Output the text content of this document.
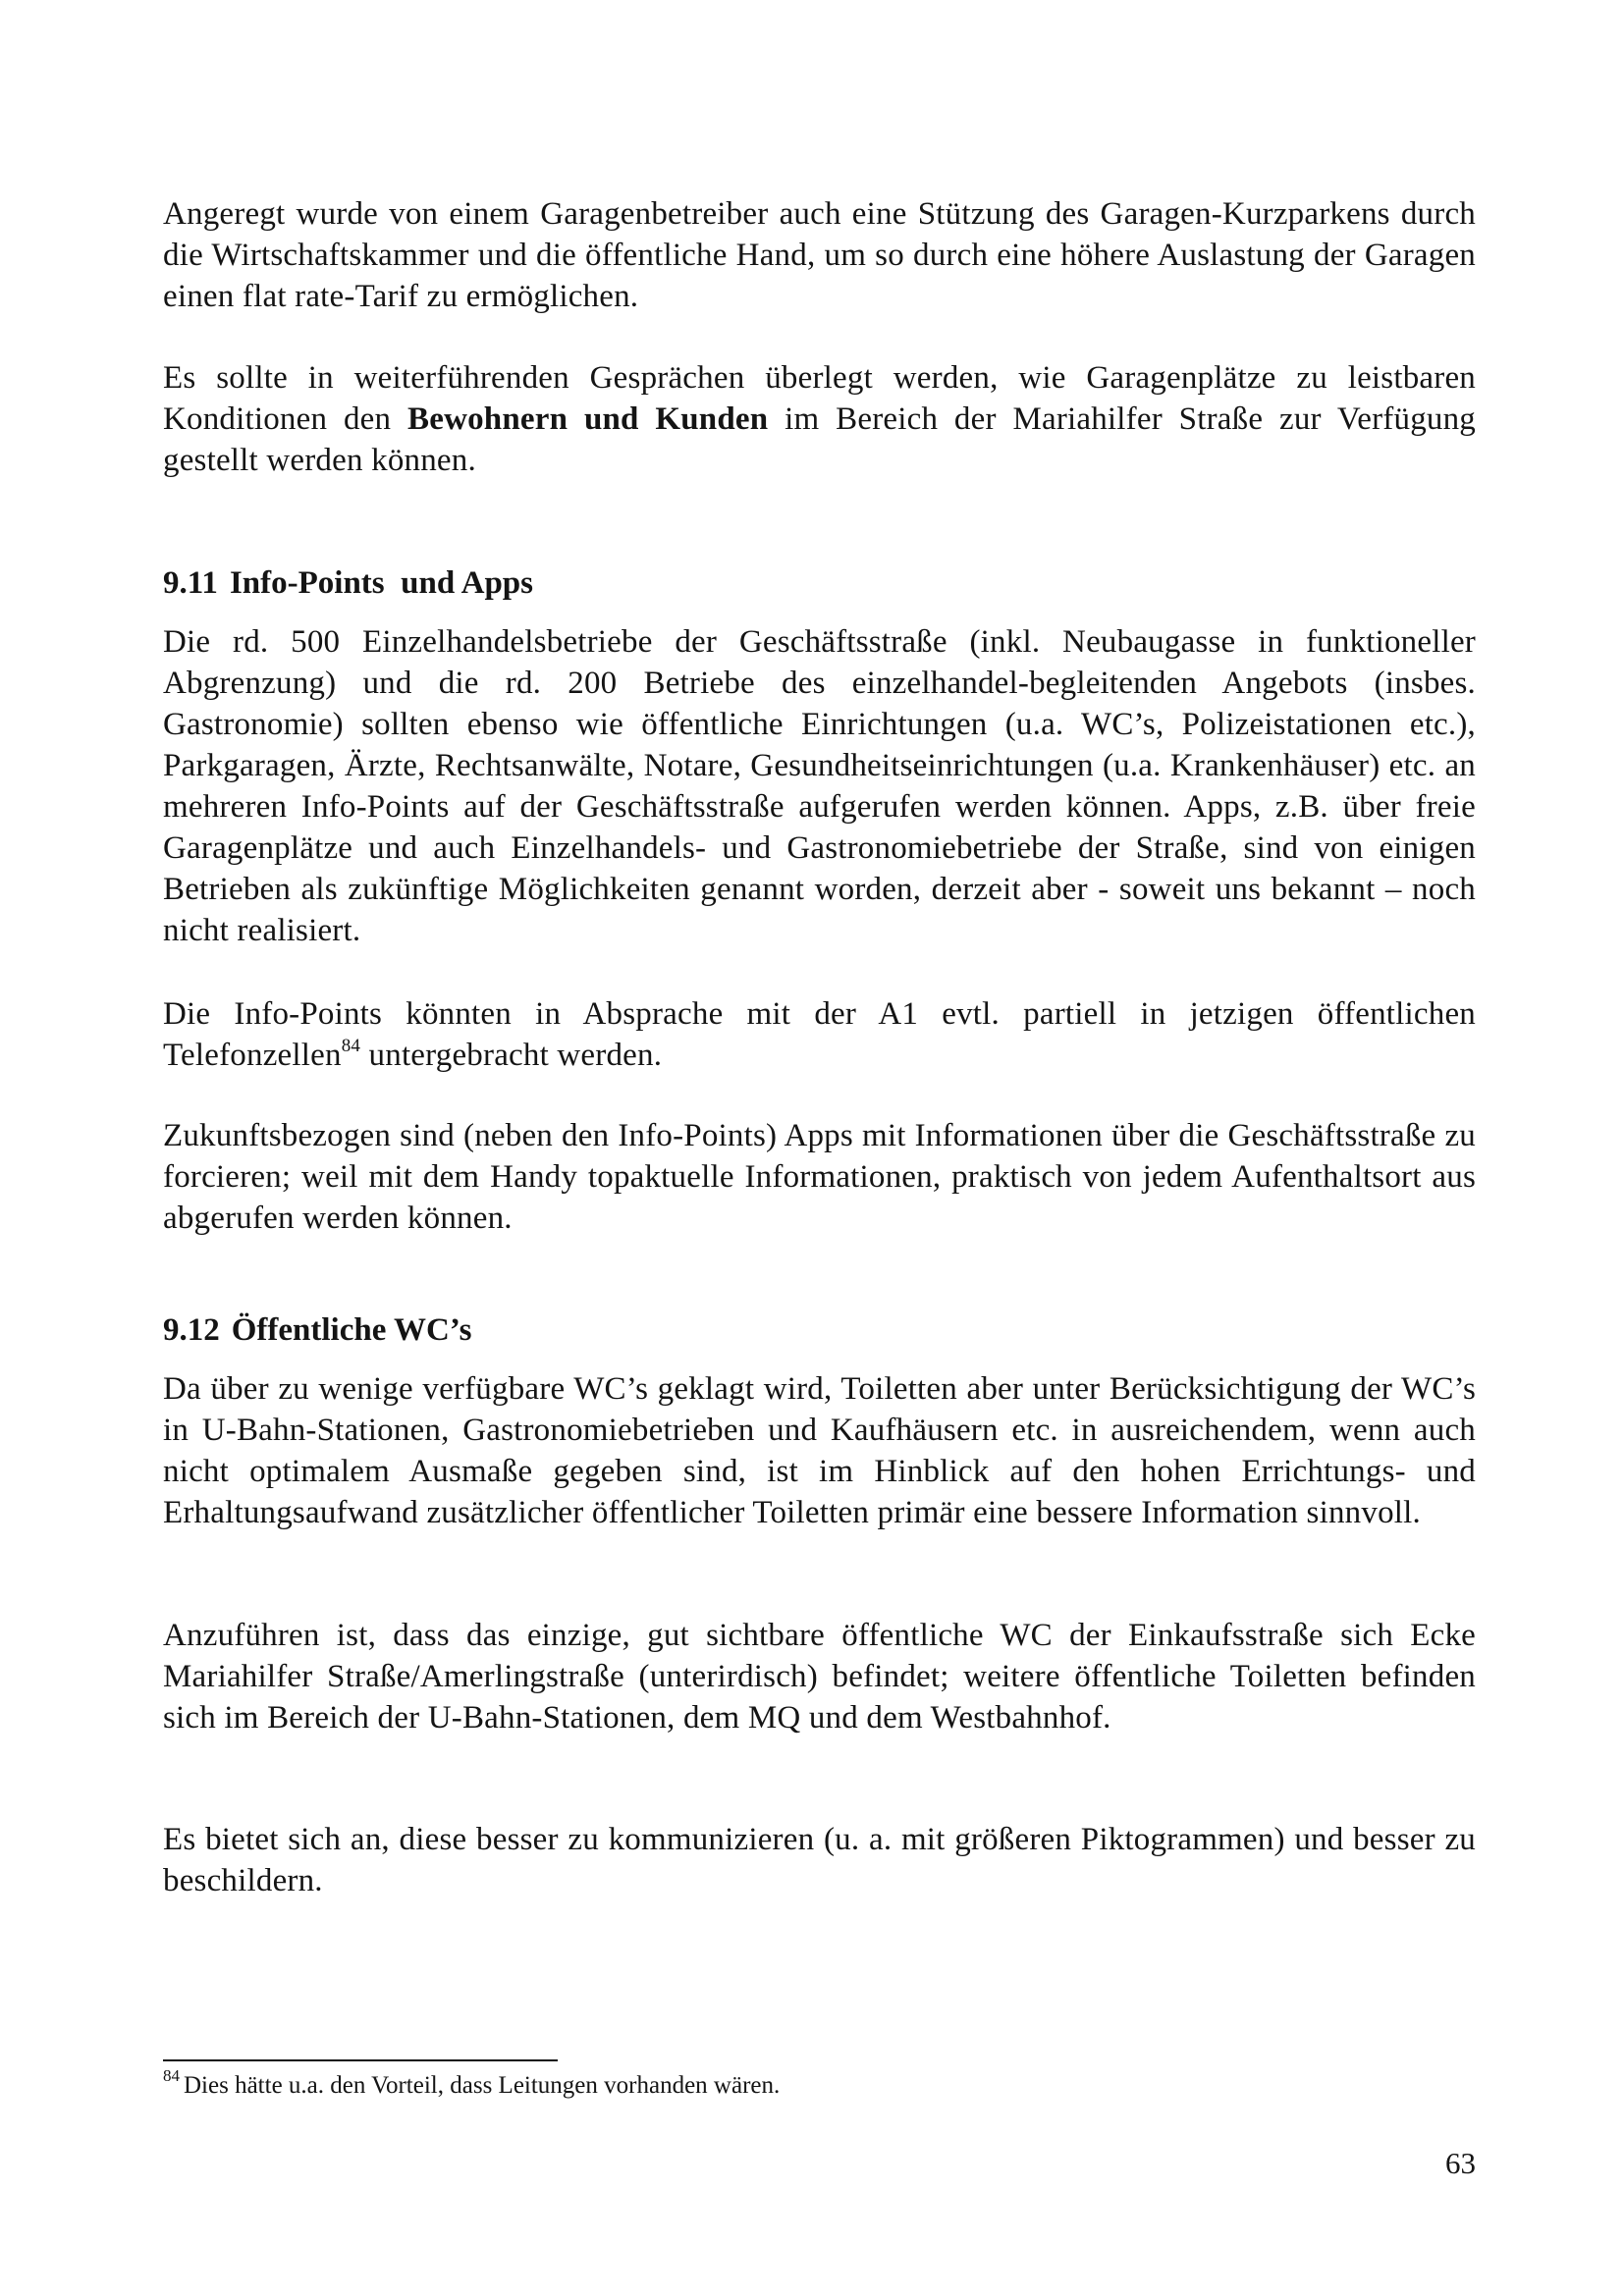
Angeregt wurde von einem Garagenbetreiber auch eine Stützung des Garagen-Kurzparkens durch die Wirtschaftskammer und die öffentliche Hand, um so durch eine höhere Auslastung der Garagen einen flat rate-Tarif zu ermöglichen.

Es sollte in weiterführenden Gesprächen überlegt werden, wie Garagenplätze zu leistbaren Konditionen den Bewohnern und Kunden im Bereich der Mariahilfer Straße zur Verfügung gestellt werden können.

9.11 Info-Points  und Apps

Die rd. 500 Einzelhandelsbetriebe der Geschäftsstraße (inkl. Neubaugasse in funktioneller Abgrenzung) und die rd. 200 Betriebe des einzelhandel-begleitenden Angebots (insbes. Gastronomie) sollten ebenso wie öffentliche Einrichtungen (u.a. WC’s, Polizeistationen etc.), Parkgaragen, Ärzte, Rechtsanwälte, Notare, Gesundheitseinrichtungen (u.a. Krankenhäuser) etc. an mehreren Info-Points auf der Geschäftsstraße aufgerufen werden können. Apps, z.B. über freie Garagenplätze und auch Einzelhandels- und Gastronomiebetriebe der Straße, sind von einigen Betrieben als zukünftige Möglichkeiten genannt worden, derzeit aber - soweit uns bekannt – noch nicht realisiert.

Die Info-Points könnten in Absprache mit der A1 evtl. partiell in jetzigen öffentlichen Telefonzellen$^{84}$ untergebracht werden.

Zukunftsbezogen sind (neben den Info-Points) Apps mit Informationen über die Geschäftsstraße zu forcieren; weil mit dem Handy topaktuelle Informationen, praktisch von jedem Aufenthaltsort aus abgerufen werden können.

9.12 Öffentliche WC’s

Da über zu wenige verfügbare WC’s geklagt wird, Toiletten aber unter Berücksichtigung der WC’s in U-Bahn-Stationen, Gastronomiebetrieben und Kaufhäusern etc. in ausreichendem, wenn auch nicht optimalem Ausmaße gegeben sind, ist im Hinblick auf den hohen Errichtungs- und Erhaltungsaufwand zusätzlicher öffentlicher Toiletten primär eine bessere Information sinnvoll.

Anzuführen ist, dass das einzige, gut sichtbare öffentliche WC der Einkaufsstraße sich Ecke Mariahilfer Straße/Amerlingstraße (unterirdisch) befindet; weitere öffentliche Toiletten befinden sich im Bereich der U-Bahn-Stationen, dem MQ und dem Westbahnhof.

Es bietet sich an, diese besser zu kommunizieren (u. a. mit größeren Piktogrammen) und besser zu beschildern.

$^{84}$ Dies hätte u.a. den Vorteil, dass Leitungen vorhanden wären.

63
